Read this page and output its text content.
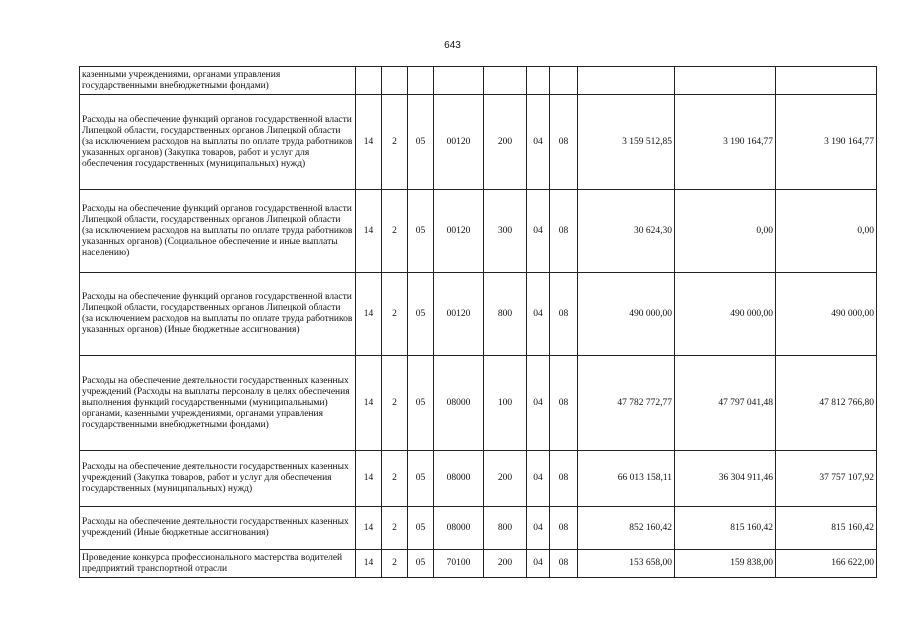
643
казенными учреждениями, органами управления государственными внебюджетными фондами)										
Расходы на обеспечение функций органов государственной власти Липецкой области, государственных органов Липецкой области (за исключением расходов на выплаты по оплате труда работников указанных органов) (Закупка товаров, работ и услуг для обеспечения государственных (муниципальных) нужд)	14	2	05	00120	200	04	08	3 159 512,85	3 190 164,77	3 190 164,77
Расходы на обеспечение функций органов государственной власти Липецкой области, государственных органов Липецкой области (за исключением расходов на выплаты по оплате труда работников указанных органов) (Социальное обеспечение и иные выплаты населению)	14	2	05	00120	300	04	08	30 624,30	0,00	0,00
Расходы на обеспечение функций органов государственной власти Липецкой области, государственных органов Липецкой области (за исключением расходов на выплаты по оплате труда работников указанных органов) (Иные бюджетные ассигнования)	14	2	05	00120	800	04	08	490 000,00	490 000,00	490 000,00
Расходы на обеспечение деятельности государственных казенных учреждений (Расходы на выплаты персоналу в целях обеспечения выполнения функций государственными (муниципальными) органами, казенными учреждениями, органами управления государственными внебюджетными фондами)	14	2	05	08000	100	04	08	47 782 772,77	47 797 041,48	47 812 766,80
Расходы на обеспечение деятельности государственных казенных учреждений (Закупка товаров, работ и услуг для обеспечения государственных (муниципальных) нужд)	14	2	05	08000	200	04	08	66 013 158,11	36 304 911,46	37 757 107,92
Расходы на обеспечение деятельности государственных казенных учреждений (Иные бюджетные ассигнования)	14	2	05	08000	800	04	08	852 160,42	815 160,42	815 160,42
Проведение конкурса профессионального мастерства водителей предприятий транспортной отрасли	14	2	05	70100	200	04	08	153 658,00	159 838,00	166 622,00
